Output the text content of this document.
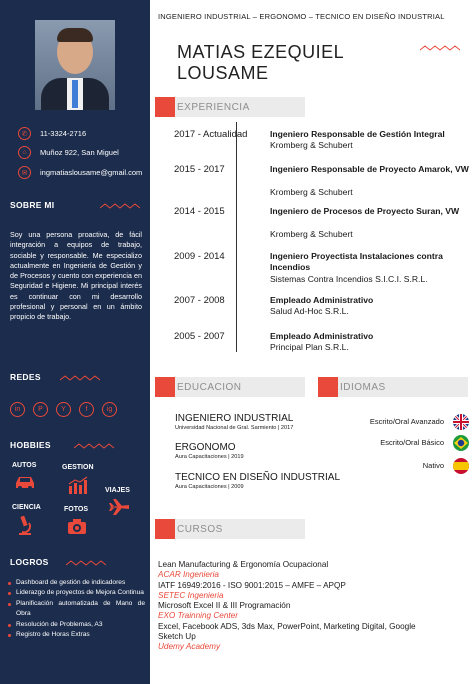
✆	11-3324-2716
⌂	Muñoz 922, San Miguel
✉	ingmatiaslousame@gmail.com
SOBRE MI
Soy una persona proactiva, de fácil integración a equipos de trabajo, sociable y responsable. Me especializo actualmente en Ingeniería de Gestión y de Procesos y cuento con experiencia en Seguridad e Higiene. Mi principal interés es continuar con mi desarrollo profesional y personal en un ámbito propicio de trabajo.
REDES
in	P	Y	f	ig
HOBBIES
AUTOS	GESTION
VIAJES
CIENCIA	FOTOS
LOGROS
Dashboard de gestión de indicadores
Liderazgo de proyectos de Mejora Continua
Planificación automatizada de Mano de Obra
Resolución de Problemas, A3
Registro de Horas Extras
INGENIERO INDUSTRIAL – ERGONOMO – TECNICO EN DISEÑO INDUSTRIAL
MATIAS EZEQUIEL
LOUSAME
EXPERIENCIA
2017 - Actualidad	Ingeniero Responsable de Gestión Integral
Kromberg & Schubert
2015 - 2017	Ingeniero Responsable de Proyecto Amarok, VW
Kromberg & Schubert
2014 - 2015	Ingeniero de Procesos de Proyecto Suran, VW
Kromberg & Schubert
2009 - 2014	Ingeniero Proyectista Instalaciones contra Incendios
Sistemas Contra Incendios S.I.C.I. S.R.L.
2007 - 2008	Empleado Administrativo
Salud Ad-Hoc S.R.L.
2005 - 2007	Empleado Administrativo
Principal Plan S.R.L.
EDUCACION
INGENIERO INDUSTRIAL
Universidad Nacional de Gral. Sarmiento | 2017
ERGONOMO
Aura Capacitaciones | 2019
TECNICO EN DISEÑO INDUSTRIAL
Aura Capacitaciones | 2009
IDIOMAS
Escrito/Oral Avanzado
Escrito/Oral Básico
Nativo
CURSOS
Lean Manufacturing & Ergonomía Ocupacional
ACAR Ingenieria
IATF 16949:2016 - ISO 9001:2015 – AMFE – APQP
SETEC Ingenieria
Microsoft Excel II & III Programación
EXO Trainning Center
Excel, Facebook ADS, 3ds Max, PowerPoint, Marketing Digital, Google Sketch Up
Udemy Academy
